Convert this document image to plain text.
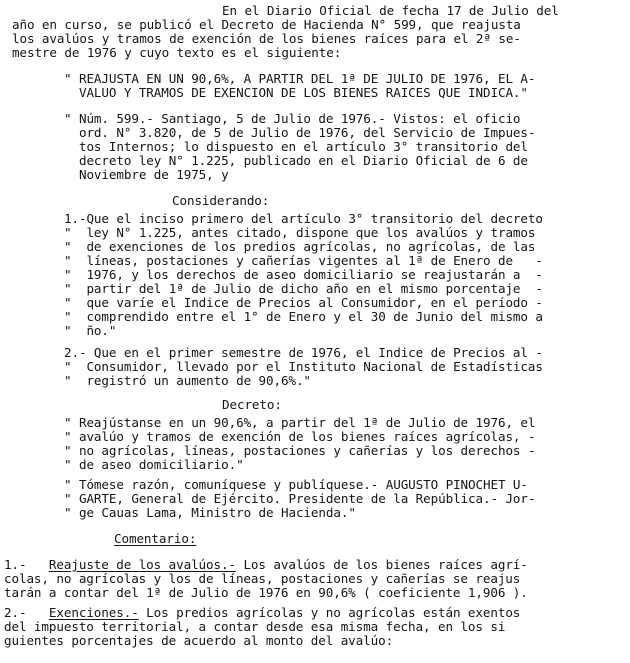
En el Diario Oficial de fecha 17 de Julio del
año en curso, se publicó el Decreto de Hacienda N° 599, que reajusta
los avalúos y tramos de exención de los bienes raíces para el 2ª se-
mestre de 1976 y cuyo texto es el siguiente:
" REAJUSTA EN UN 90,6%, A PARTIR DEL 1ª DE JULIO DE 1976, EL A-
VALUO Y TRAMOS DE EXENCION DE LOS BIENES RAICES QUE INDICA."
" Núm. 599.- Santiago, 5 de Julio de 1976.- Vistos: el oficio
ord. N° 3.820, de 5 de Julio de 1976, del Servicio de Impues-
tos Internos; lo dispuesto en el artículo 3° transitorio del
decreto ley N° 1.225, publicado en el Diario Oficial de 6 de
Noviembre de 1975, y
Considerando:
1.-Que el inciso primero del artículo 3° transitorio del decreto
"  ley N° 1.225, antes citado, dispone que los avalúos y tramos
"  de exenciones de los predios agrícolas, no agrícolas, de las
"  líneas, postaciones y cañerías vigentes al 1ª de Enero de   -
"  1976, y los derechos de aseo domiciliario se reajustarán a  -
"  partir del 1ª de Julio de dicho año en el mismo porcentaje  -
"  que varíe el Indice de Precios al Consumidor, en el período -
"  comprendido entre el 1° de Enero y el 30 de Junio del mismo a
"  ño."
2.- Que en el primer semestre de 1976, el Indice de Precios al -
"  Consumidor, llevado por el Instituto Nacional de Estadísticas
"  registró un aumento de 90,6%."
Decreto:
" Reajústanse en un 90,6%, a partir del 1ª de Julio de 1976, el
" avalúo y tramos de exención de los bienes raíces agrícolas, -
" no agrícolas, líneas, postaciones y cañerías y los derechos -
" de aseo domiciliario."
" Tómese razón, comuníquese y publíquese.- AUGUSTO PINOCHET U-
" GARTE, General de Ejército. Presidente de la República.- Jor-
" ge Cauas Lama, Ministro de Hacienda."
Comentario:
1.- Reajuste de los avalúos.- Los avalúos de los bienes raíces agrí-
colas, no agrícolas y los de líneas, postaciones y cañerías se reajus
tarán a contar del 1ª de Julio de 1976 en 90,6% ( coeficiente 1,906 ).
2.- Exenciones.- Los predios agrícolas y no agrícolas están exentos
del impuesto territorial, a contar desde esa misma fecha, en los si
guientes porcentajes de acuerdo al monto del avalúo:
